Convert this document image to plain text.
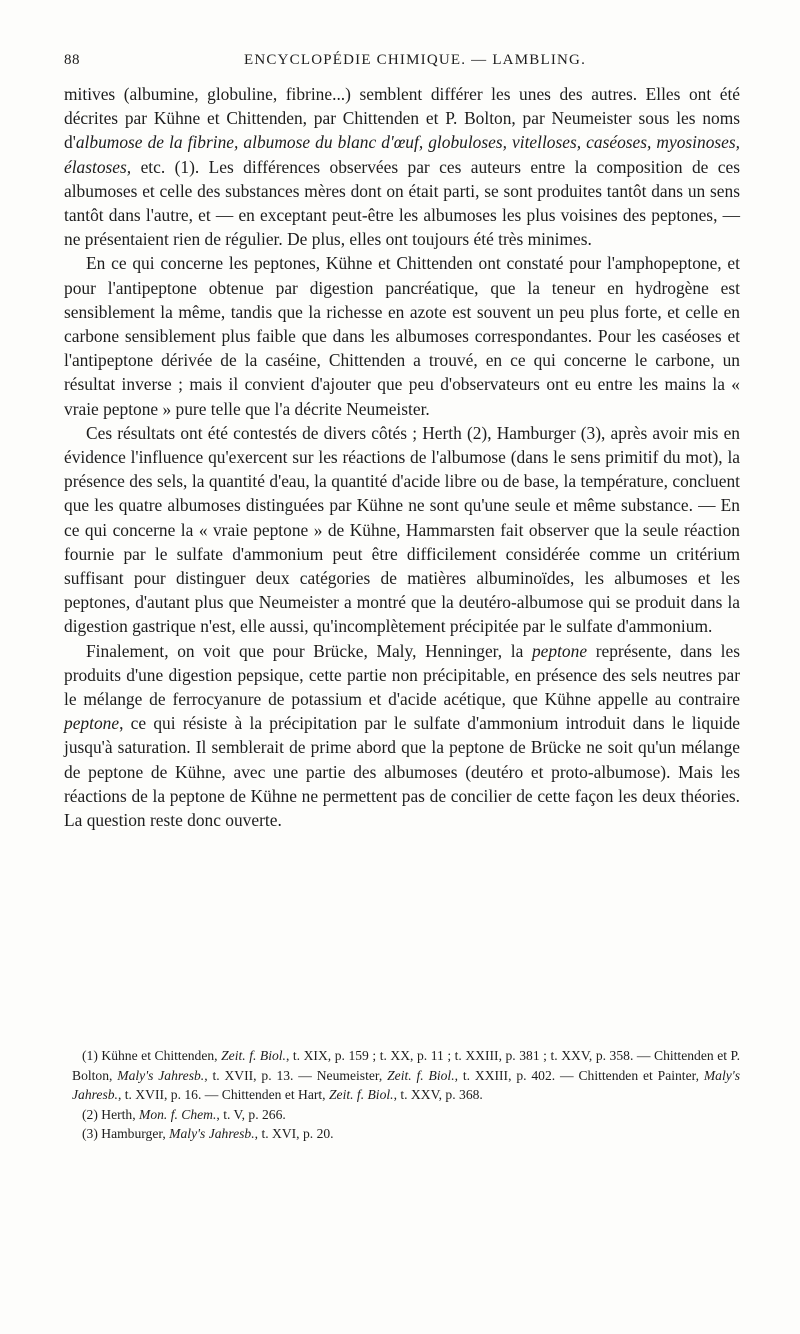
88	ENCYCLOPÉDIE CHIMIQUE. — LAMBLING.

mitives (albumine, globuline, fibrine...) semblent différer les unes des autres. Elles ont été décrites par Kühne et Chittenden, par Chittenden et P. Bolton, par Neumeister sous les noms d'albumose de la fibrine, albumose du blanc d'œuf, globuloses, vitelloses, caséoses, myosinoses, élastoses, etc. (1). Les différences observées par ces auteurs entre la composition de ces albumoses et celle des substances mères dont on était parti, se sont produites tantôt dans un sens tantôt dans l'autre, et — en exceptant peut-être les albumoses les plus voisines des peptones, — ne présentaient rien de régulier. De plus, elles ont toujours été très minimes.

En ce qui concerne les peptones, Kühne et Chittenden ont constaté pour l'amphopeptone, et pour l'antipeptone obtenue par digestion pancréatique, que la teneur en hydrogène est sensiblement la même, tandis que la richesse en azote est souvent un peu plus forte, et celle en carbone sensiblement plus faible que dans les albumoses correspondantes. Pour les caséoses et l'antipeptone dérivée de la caséine, Chittenden a trouvé, en ce qui concerne le carbone, un résultat inverse ; mais il convient d'ajouter que peu d'observateurs ont eu entre les mains la « vraie peptone » pure telle que l'a décrite Neumeister.

Ces résultats ont été contestés de divers côtés ; Herth (2), Hamburger (3), après avoir mis en évidence l'influence qu'exercent sur les réactions de l'albumose (dans le sens primitif du mot), la présence des sels, la quantité d'eau, la quantité d'acide libre ou de base, la température, concluent que les quatre albumoses distinguées par Kühne ne sont qu'une seule et même substance. — En ce qui concerne la « vraie peptone » de Kühne, Hammarsten fait observer que la seule réaction fournie par le sulfate d'ammonium peut être difficilement considérée comme un critérium suffisant pour distinguer deux catégories de matières albuminoïdes, les albumoses et les peptones, d'autant plus que Neumeister a montré que la deutéro-albumose qui se produit dans la digestion gastrique n'est, elle aussi, qu'incomplètement précipitée par le sulfate d'ammonium.

Finalement, on voit que pour Brücke, Maly, Henninger, la peptone représente, dans les produits d'une digestion pepsique, cette partie non précipitable, en présence des sels neutres par le mélange de ferrocyanure de potassium et d'acide acétique, que Kühne appelle au contraire peptone, ce qui résiste à la précipitation par le sulfate d'ammonium introduit dans le liquide jusqu'à saturation. Il semblerait de prime abord que la peptone de Brücke ne soit qu'un mélange de peptone de Kühne, avec une partie des albumoses (deutéro et proto-albumose). Mais les réactions de la peptone de Kühne ne permettent pas de concilier de cette façon les deux théories. La question reste donc ouverte.

(1) Kühne et Chittenden, Zeit. f. Biol., t. XIX, p. 159 ; t. XX, p. 11 ; t. XXIII, p. 381 ; t. XXV, p. 358. — Chittenden et P. Bolton, Maly's Jahresb., t. XVII, p. 13. — Neumeister, Zeit. f. Biol., t. XXIII, p. 402. — Chittenden et Painter, Maly's Jahresb., t. XVII, p. 16. — Chittenden et Hart, Zeit. f. Biol., t. XXV, p. 368.

(2) Herth, Mon. f. Chem., t. V, p. 266.

(3) Hamburger, Maly's Jahresb., t. XVI, p. 20.
